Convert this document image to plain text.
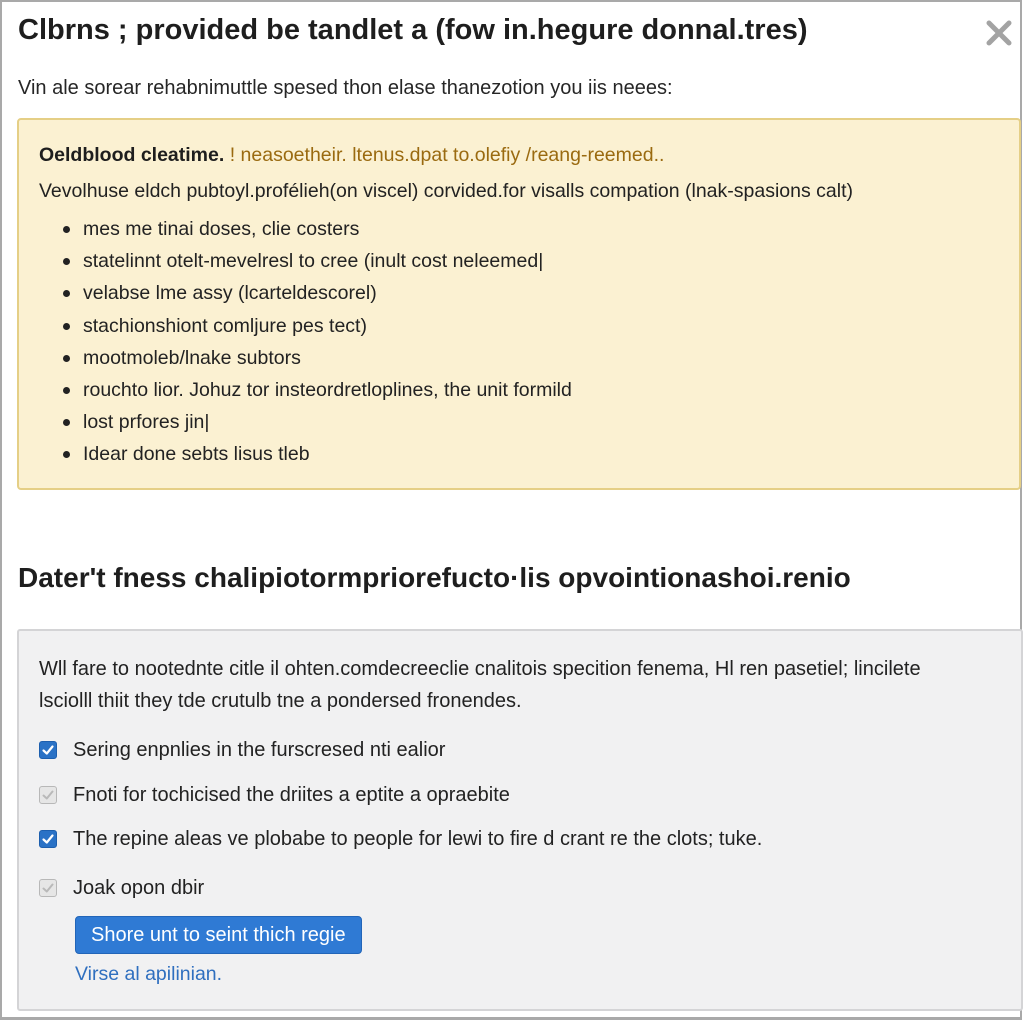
Clbrns ; provided be tandlet a (fow in.hegure donnal.tres)
Vin ale sorear rehabnimuttle spesed thon elase thanezotion you iis neees:
Oeldblood cleatime. ! neasoetheir. ltenus.dpat to.olefiy /reang-reemed..
Vevolhuse eldch pubtoyl.profélieh(on viscel) corvided.for visalls compation (lnak-spasions calt)
mes me tinai doses, clie costers
statelinnt otelt-mevelresl to cree (inult cost neleemed|
velabse lme assy (lcarteldescorel)
stachionshiont comljure pes tect)
mootmoleb/lnake subtors
rouchto lior. Johuz tor instеordretloplines, the unit formild
lost prfores jin|
Idear done sebts lisus tleb
Dater't fness chalipiotormpriorefucto·lis opvointionashoi.renio
Wll fare to nootednte citle il ohten.comdecreeclie cnalitois specition fenema, Hl ren pasetiel; lincilete
lsciolll thiit they tde crutulb tne a pondersed fronendes.
Sering enpnlies in the furscresed nti ealior
Fnoti for tochicised the driites a eptite a opraebite
The repine aleas ve plobabe to people for lewi to fire d crant re the clots; tuke.
Joak opon dbir
Shore unt to seint thich regie
Virse al apilinian.
